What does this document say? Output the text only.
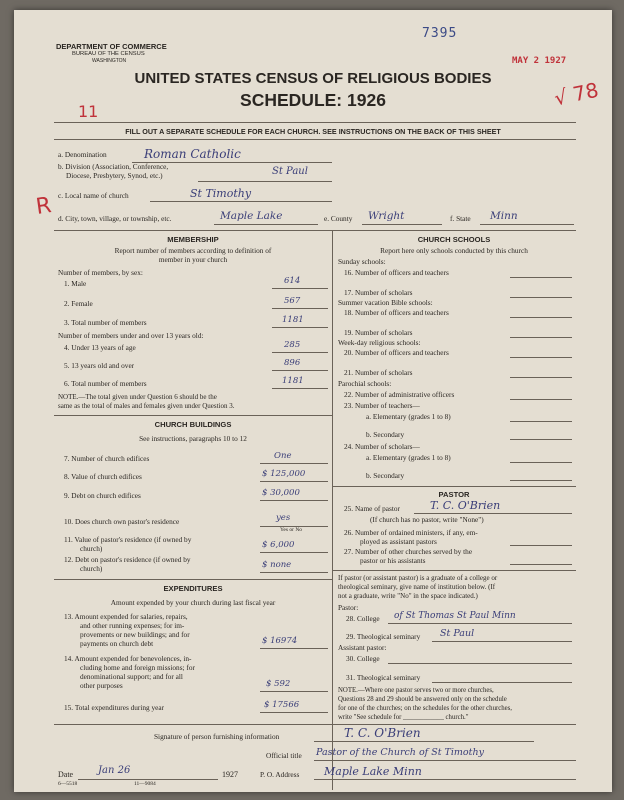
DEPARTMENT OF COMMERCE
BUREAU OF THE CENSUS
WASHINGTON
7395
MAY 2 1927
√ 78
11
UNITED STATES CENSUS OF RELIGIOUS BODIES
SCHEDULE: 1926
FILL OUT A SEPARATE SCHEDULE FOR EACH CHURCH. SEE INSTRUCTIONS ON THE BACK OF THIS SHEET
a. Denomination	Roman Catholic
b. Division (Association, Conference,
Diocese, Presbytery, Synod, etc.)	St Paul
c. Local name of church	St Timothy
R d. City, town, village, or township, etc.	Maple Lake	e. County Wright	f. State Minn
MEMBERSHIP
Report number of members according to definition of
member in your church
Number of members, by sex:
1. Male	614
2. Female	567
3. Total number of members	1181
Number of members under and over 13 years old:
4. Under 13 years of age	285
5. 13 years old and over	896
6. Total number of members	1181
NOTE.—The total given under Question 6 should be the
same as the total of males and females given under Question 3.
CHURCH BUILDINGS
See instructions, paragraphs 10 to 12
7. Number of church edifices	One
8. Value of church edifices	$ 125,000
9. Debt on church edifices	$ 30,000
10. Does church own pastor's residence	yes
Yes or No
11. Value of pastor's residence (if owned by
church)	$ 6,000
12. Debt on pastor's residence (if owned by
church)	$ none
EXPENDITURES
Amount expended by your church during last fiscal year
13. Amount expended for salaries, repairs,
and other running expenses; for im-
provements or new buildings; and for
payments on church debt	$ 16974
14. Amount expended for benevolences, in-
cluding home and foreign missions; for
denominational support; and for all
other purposes	$ 592
15. Total expenditures during year	$ 17566
CHURCH SCHOOLS
Report here only schools conducted by this church
Sunday schools:
16. Number of officers and teachers
17. Number of scholars
Summer vacation Bible schools:
18. Number of officers and teachers
19. Number of scholars
Week-day religious schools:
20. Number of officers and teachers
21. Number of scholars
Parochial schools:
22. Number of administrative officers
23. Number of teachers—
a. Elementary (grades 1 to 8)
b. Secondary
24. Number of scholars—
a. Elementary (grades 1 to 8)
b. Secondary
PASTOR
25. Name of pastor	T. C. O'Brien
(If church has no pastor, write "None")
26. Number of ordained ministers, if any, em-
ployed as assistant pastors
27. Number of other churches served by the
pastor or his assistants
If pastor (or assistant pastor) is a graduate of a college or
theological seminary, give name of institution below. (If
not a graduate, write "No" in the space indicated.)
Pastor:
28. College of St Thomas St Paul Minn
29. Theological seminary St Paul
Assistant pastor:
30. College
31. Theological seminary
NOTE.—Where one pastor serves two or more churches,
Questions 28 and 29 should be answered only on the schedule
for one of the churches; on the schedules for the other churches,
write "See schedule for ____________ church."
Signature of person furnishing information	T. C. O'Brien
Official title Pastor of the Church of St Timothy
Date Jan 26	1927	P. O. Address Maple Lake Minn
6—5518	11—9084
